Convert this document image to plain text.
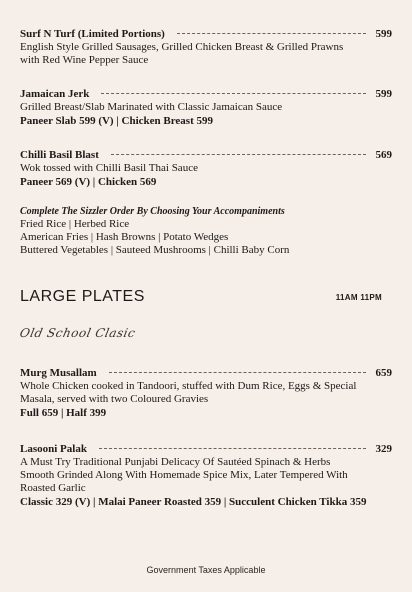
Surf N Turf (Limited Portions)	599
English Style Grilled Sausages, Grilled Chicken Breast & Grilled Prawns
with Red Wine Pepper Sauce
Jamaican Jerk	599
Grilled Breast/Slab Marinated with Classic Jamaican Sauce
Paneer Slab 599 (V) | Chicken Breast 599
Chilli Basil Blast	569
Wok tossed with Chilli Basil Thai Sauce
Paneer 569 (V) | Chicken 569
Complete The Sizzler Order By Choosing Your Accompaniments
Fried Rice | Herbed Rice
American Fries | Hash Browns | Potato Wedges
Buttered Vegetables | Sauteed Mushrooms | Chilli Baby Corn
LARGE PLATES	11AM 11PM
Old School Clasic
Murg Musallam	659
Whole Chicken cooked in Tandoori, stuffed with Dum Rice, Eggs & Special
Masala, served with two Coloured Gravies
Full 659 | Half 399
Lasooni Palak	329
A Must Try Traditional Punjabi Delicacy Of Sautéed Spinach & Herbs
Smooth Grinded Along With Homemade Spice Mix, Later Tempered With
Roasted Garlic
Classic 329 (V) | Malai Paneer Roasted 359 | Succulent Chicken Tikka 359
Government Taxes Applicable
